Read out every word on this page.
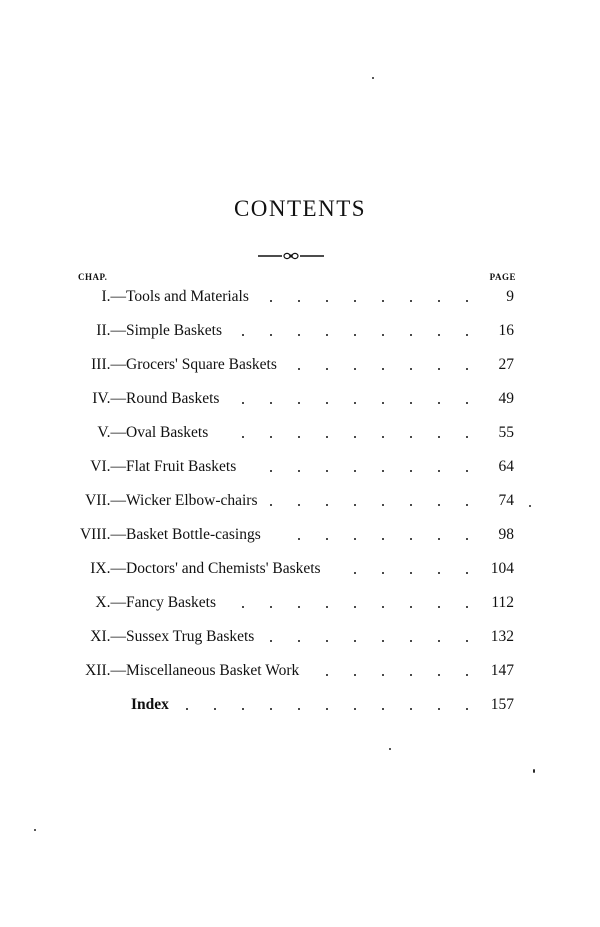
CONTENTS
CHAP.	PAGE
I.— Tools and Materials	9
II.— Simple Baskets	16
III.— Grocers' Square Baskets	27
IV.— Round Baskets	49
V.— Oval Baskets	55
VI.— Flat Fruit Baskets	64
VII.— Wicker Elbow-chairs	74
VIII.— Basket Bottle-casings	98
IX.— Doctors' and Chemists' Baskets	104
X.— Fancy Baskets	112
XI.— Sussex Trug Baskets	132
XII.— Miscellaneous Basket Work	147
Index	157
